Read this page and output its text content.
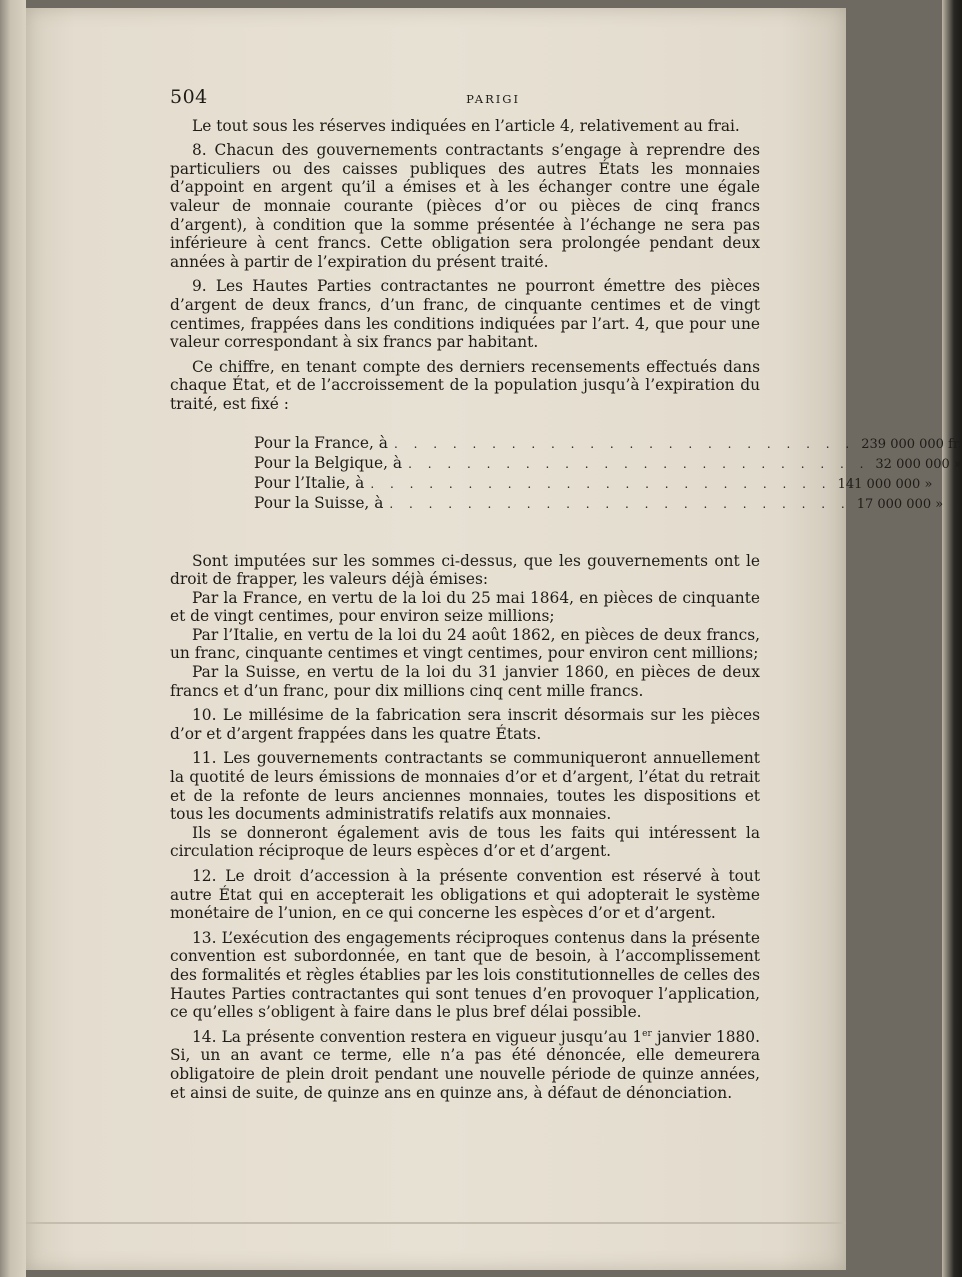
504	PARIGI

Le tout sous les réserves indiquées en l’article 4, relativement au frai.

8. Chacun des gouvernements contractants s’engage à reprendre des particuliers ou des caisses publiques des autres États les monnaies d’appoint en argent qu’il a émises et à les échanger contre une égale valeur de monnaie courante (pièces d’or ou pièces de cinq francs d’argent), à condition que la somme présentée à l’échange ne sera pas inférieure à cent francs. Cette obligation sera prolongée pendant deux années à partir de l’expiration du présent traité.

9. Les Hautes Parties contractantes ne pourront émettre des pièces d’argent de deux francs, d’un franc, de cinquante centimes et de vingt centimes, frappées dans les conditions indiquées par l’art. 4, que pour une valeur correspondant à six francs par habitant.

Ce chiffre, en tenant compte des derniers recensements effectués dans chaque État, et de l’accroissement de la population jusqu’à l’expiration du traité, est fixé :

Pour la France, à . . . . . . . . . . . . . . . . . . . . . . . . 239 000 000 fr.
Pour la Belgique, à . . . . . . . . . . . . . . . . . . . . . . . . 32 000 000 »
Pour l’Italie, à . . . . . . . . . . . . . . . . . . . . . . . . 141 000 000 »
Pour la Suisse, à . . . . . . . . . . . . . . . . . . . . . . . . 17 000 000 »

Sont imputées sur les sommes ci-dessus, que les gouvernements ont le droit de frapper, les valeurs déjà émises:

Par la France, en vertu de la loi du 25 mai 1864, en pièces de cinquante et de vingt centimes, pour environ seize millions;

Par l’Italie, en vertu de la loi du 24 août 1862, en pièces de deux francs, un franc, cinquante centimes et vingt centimes, pour environ cent millions;

Par la Suisse, en vertu de la loi du 31 janvier 1860, en pièces de deux francs et d’un franc, pour dix millions cinq cent mille francs.

10. Le millésime de la fabrication sera inscrit désormais sur les pièces d’or et d’argent frappées dans les quatre États.

11. Les gouvernements contractants se communiqueront annuellement la quotité de leurs émissions de monnaies d’or et d’argent, l’état du retrait et de la refonte de leurs anciennes monnaies, toutes les dispositions et tous les documents administratifs relatifs aux monnaies.

Ils se donneront également avis de tous les faits qui intéressent la circulation réciproque de leurs espèces d’or et d’argent.

12. Le droit d’accession à la présente convention est réservé à tout autre État qui en accepterait les obligations et qui adopterait le système monétaire de l’union, en ce qui concerne les espèces d’or et d’argent.

13. L’exécution des engagements réciproques contenus dans la présente convention est subordonnée, en tant que de besoin, à l’accomplissement des formalités et règles établies par les lois constitutionnelles de celles des Hautes Parties contractantes qui sont tenues d’en provoquer l’application, ce qu’elles s’obligent à faire dans le plus bref délai possible.

14. La présente convention restera en vigueur jusqu’au 1er janvier 1880. Si, un an avant ce terme, elle n’a pas été dénoncée, elle demeurera obligatoire de plein droit pendant une nouvelle période de quinze années, et ainsi de suite, de quinze ans en quinze ans, à défaut de dénonciation.
